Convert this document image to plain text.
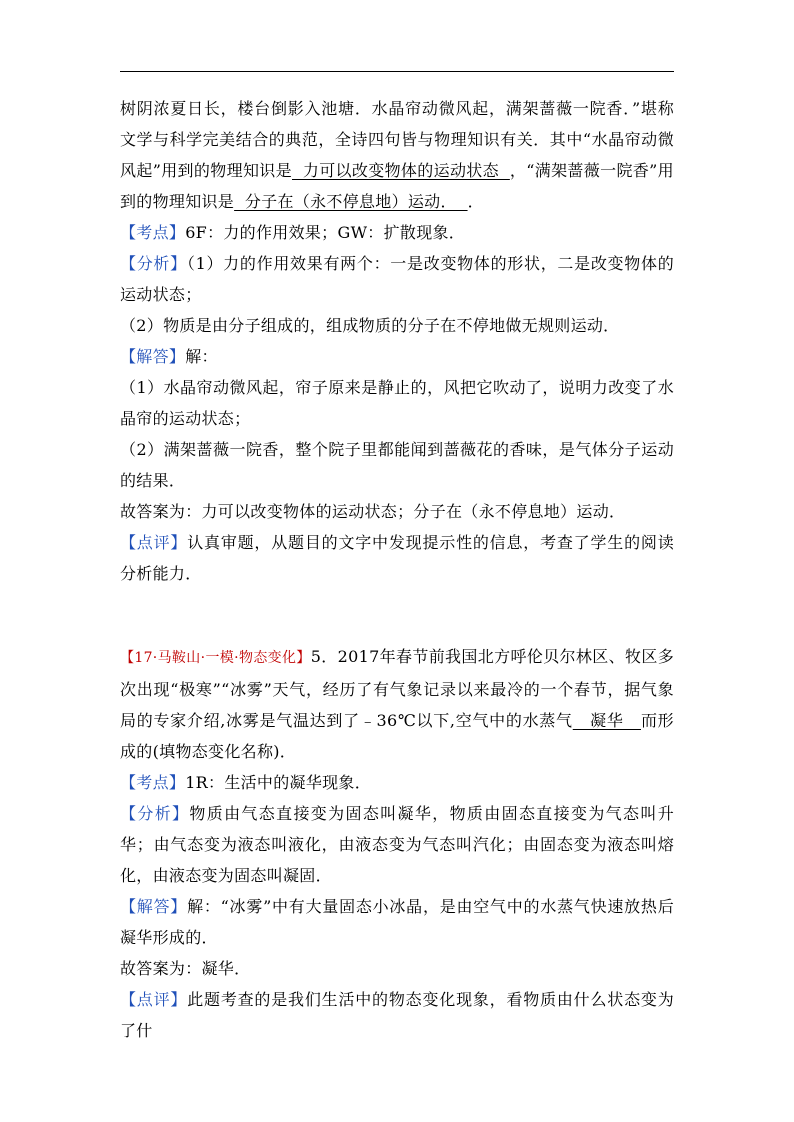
树阴浓夏日长，楼台倒影入池塘．水晶帘动微风起，满架蔷薇一院香．”堪称文学与科学完美结合的典范，全诗四句皆与物理知识有关．其中“水晶帘动微风起”用到的物理知识是  力可以改变物体的运动状态  ，“满架蔷薇一院香”用到的物理知识是  分子在（永不停息地）运动．  ．

【考点】6F：力的作用效果；GW：扩散现象．

【分析】（1）力的作用效果有两个：一是改变物体的形状，二是改变物体的运动状态；

（2）物质是由分子组成的，组成物质的分子在不停地做无规则运动．

【解答】解：

（1）水晶帘动微风起，帘子原来是静止的，风把它吹动了，说明力改变了水晶帘的运动状态；

（2）满架蔷薇一院香，整个院子里都能闻到蔷薇花的香味，是气体分子运动的结果．

故答案为：力可以改变物体的运动状态；分子在（永不停息地）运动．

【点评】认真审题，从题目的文字中发现提示性的信息，考查了学生的阅读分析能力．

【17·马鞍山·一模·物态变化】5．2017年春节前我国北方呼伦贝尔林区、牧区多次出现“极寒”“冰雾”天气，经历了有气象记录以来最冷的一个春节，据气象局的专家介绍,冰雾是气温达到了﹣36℃以下,空气中的水蒸气   凝华   而形成的(填物态变化名称)．

【考点】1R：生活中的凝华现象．

【分析】物质由气态直接变为固态叫凝华，物质由固态直接变为气态叫升华；由气态变为液态叫液化，由液态变为气态叫汽化；由固态变为液态叫熔化，由液态变为固态叫凝固．

【解答】解：“冰雾”中有大量固态小冰晶，是由空气中的水蒸气快速放热后凝华形成的．

故答案为：凝华．

【点评】此题考查的是我们生活中的物态变化现象，看物质由什么状态变为了什
